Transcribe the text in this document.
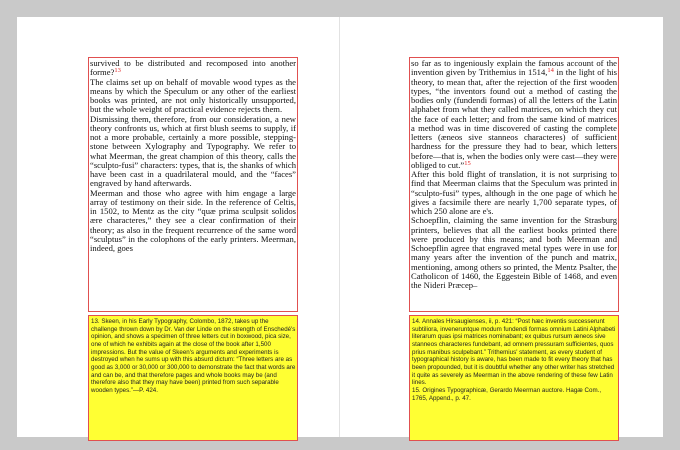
survived to be distributed and recomposed into another forme?$^{13}$

The claims set up on behalf of movable wood types as the means by which the Speculum or any other of the earliest books was printed, are not only historically unsupported, but the whole weight of practical evidence rejects them.

Dismissing them, therefore, from our consideration, a new theory confronts us, which at first blush seems to supply, if not a more probable, certainly a more possible, stepping-stone between Xylography and Typography. We refer to what Meerman, the great champion of this theory, calls the “sculpto-fusi” characters: types, that is, the shanks of which have been cast in a quadrilateral mould, and the “faces” engraved by hand afterwards.

Meerman and those who agree with him engage a large array of testimony on their side. In the reference of Celtis, in 1502, to Mentz as the city “quæ prima sculpsit solidos ære characteres,” they see a clear confirmation of their theory; as also in the frequent recurrence of the same word “sculptus” in the colophons of the early printers. Meerman, indeed, goes

13. Skeen, in his Early Typography, Colombo, 1872, takes up the challenge thrown down by Dr. Van der Linde on the strength of Enschedé's opinion, and shows a specimen of three letters cut in boxwood, pica size, one of which he exhibits again at the close of the book after 1,500 impressions. But the value of Skeen's arguments and experiments is destroyed when he sums up with this absurd dictum: “Three letters are as good as 3,000 or 30,000 or 300,000 to demonstrate the fact that words are and can be, and that therefore pages and whole books may be (and therefore also that they may have been) printed from such separable wooden types.”—P. 424.

so far as to ingeniously explain the famous account of the invention given by Trithemius in 1514,14 in the light of his theory, to mean that, after the rejection of the first wooden types, “the inventors found out a method of casting the bodies only (fundendi formas) of all the letters of the Latin alphabet from what they called matrices, on which they cut the face of each letter; and from the same kind of matrices a method was in time discovered of casting the complete letters (æneos sive stanneos characteres) of sufficient hardness for the pressure they had to bear, which letters before—that is, when the bodies only were cast—they were obliged to cut.”$^{15}$

After this bold flight of translation, it is not surprising to find that Meerman claims that the Speculum was printed in “sculpto-fusi” types, although in the one page of which he gives a facsimile there are nearly 1,700 separate types, of which 250 alone are e's.

Schoepflin, claiming the same invention for the Strasburg printers, believes that all the earliest books printed there were produced by this means; and both Meerman and Schoepflin agree that engraved metal types were in use for many years after the invention of the punch and matrix, mentioning, among others so printed, the Mentz Psalter, the Catholicon of 1460, the Eggestein Bible of 1468, and even the Nideri Præcep–

14. Annales Hirsaugienses, ii, p. 421: “Post hæc inventis successerunt subtiliora, inveneruntque modum fundendi formas omnium Latini Alphabeti literarum quas ipsi matrices nominabant; ex quibus rursum æneos sive stanneos characteres fundebant, ad omnem pressuram sufficientes, quos prius manibus sculpebant.” Trithemius' statement, as every student of typographical history is aware, has been made to fit every theory that has been propounded, but it is doubtful whether any other writer has stretched it quite as severely as Meerman in the above rendering of these few Latin lines.

15. Origines Typographicæ, Gerardo Meerman auctore. Hagæ Com., 1765, Append., p. 47.
